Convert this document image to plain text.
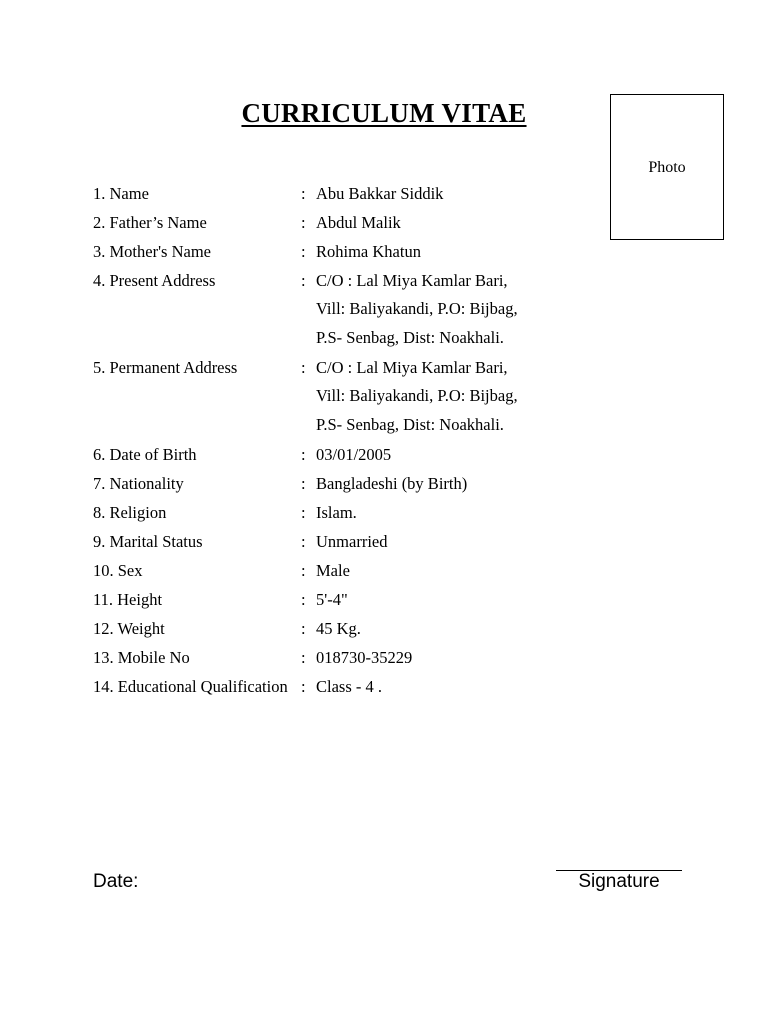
CURRICULUM VITAE
Photo
1. Name	: Abu Bakkar Siddik
2. Father’s Name	: Abdul Malik
3. Mother's Name	: Rohima Khatun
4. Present Address	: C/O : Lal Miya Kamlar Bari,
Vill: Baliyakandi, P.O: Bijbag,
P.S- Senbag, Dist: Noakhali.
5. Permanent Address	: C/O : Lal Miya Kamlar Bari,
Vill: Baliyakandi, P.O: Bijbag,
P.S- Senbag, Dist: Noakhali.
6. Date of Birth	: 03/01/2005
7. Nationality	: Bangladeshi (by Birth)
8. Religion	: Islam.
9. Marital Status	: Unmarried
10. Sex	: Male
11. Height	: 5'-4"
12. Weight	: 45 Kg.
13. Mobile No	: 018730-35229
14. Educational Qualification : Class - 4 .
Date:	Signature
